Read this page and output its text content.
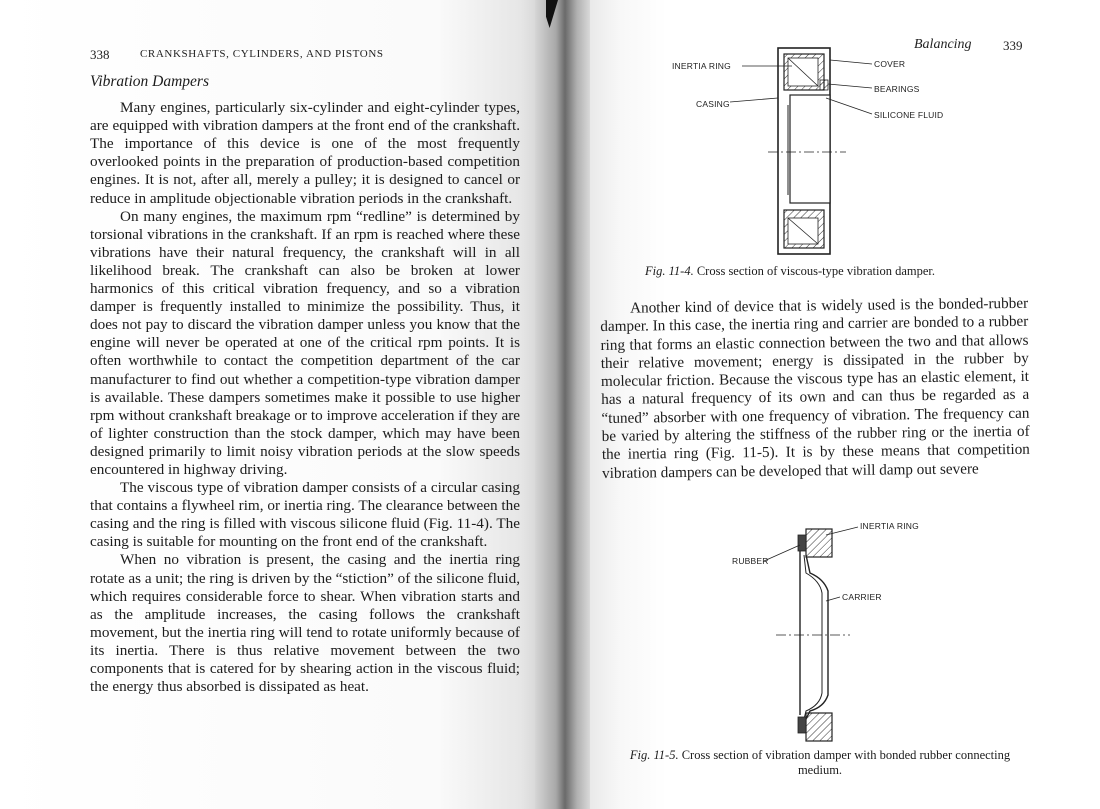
338	CRANKSHAFTS, CYLINDERS, AND PISTONS
Vibration Dampers

Many engines, particularly six-cylinder and eight-cylinder types, are equipped with vibration dampers at the front end of the crankshaft. The importance of this device is one of the most frequently overlooked points in the preparation of production-based competition engines. It is not, after all, merely a pulley; it is designed to cancel or reduce in amplitude objectionable vibration periods in the crankshaft.

On many engines, the maximum rpm “redline” is determined by torsional vibrations in the crankshaft. If an rpm is reached where these vibrations have their natural frequency, the crankshaft will in all likelihood break. The crankshaft can also be broken at lower harmonics of this critical vibration frequency, and so a vibration damper is frequently installed to minimize the possibility. Thus, it does not pay to discard the vibration damper unless you know that the engine will never be operated at one of the critical rpm points. It is often worthwhile to contact the competition department of the car manufacturer to find out whether a competition-type vibration damper is available. These dampers sometimes make it possible to use higher rpm without crankshaft breakage or to improve acceleration if they are of lighter construction than the stock damper, which may have been designed primarily to limit noisy vibration periods at the slow speeds encountered in highway driving.

The viscous type of vibration damper consists of a circular casing that contains a flywheel rim, or inertia ring. The clearance between the casing and the ring is filled with viscous silicone fluid (Fig. 11-4). The casing is suitable for mounting on the front end of the crankshaft.

When no vibration is present, the casing and the inertia ring rotate as a unit; the ring is driven by the “stiction” of the silicone fluid, which requires considerable force to shear. When vibration starts and as the amplitude increases, the casing follows the crankshaft movement, but the inertia ring will tend to rotate uniformly because of its inertia. There is thus relative movement between the two components that is catered for by shearing action in the viscous fluid; the energy thus absorbed is dissipated as heat.

Balancing 339
INERTIA RING
CASING
COVER
BEARINGS
SILICONE FLUID
Fig. 11-4. Cross section of viscous-type vibration damper.

Another kind of device that is widely used is the bonded-rubber damper. In this case, the inertia ring and carrier are bonded to a rubber ring that forms an elastic connection between the two and that allows their relative movement; energy is dissipated in the rubber by molecular friction. Because the viscous type has an elastic element, it has a natural frequency of its own and can thus be regarded as a “tuned” absorber with one frequency of vibration. The frequency can be varied by altering the stiffness of the rubber ring or the inertia of the inertia ring (Fig. 11-5). It is by these means that competition vibration dampers can be developed that will damp out severe

INERTIA RING
RUBBER
CARRIER
Fig. 11-5. Cross section of vibration damper with bonded rubber connecting medium.
